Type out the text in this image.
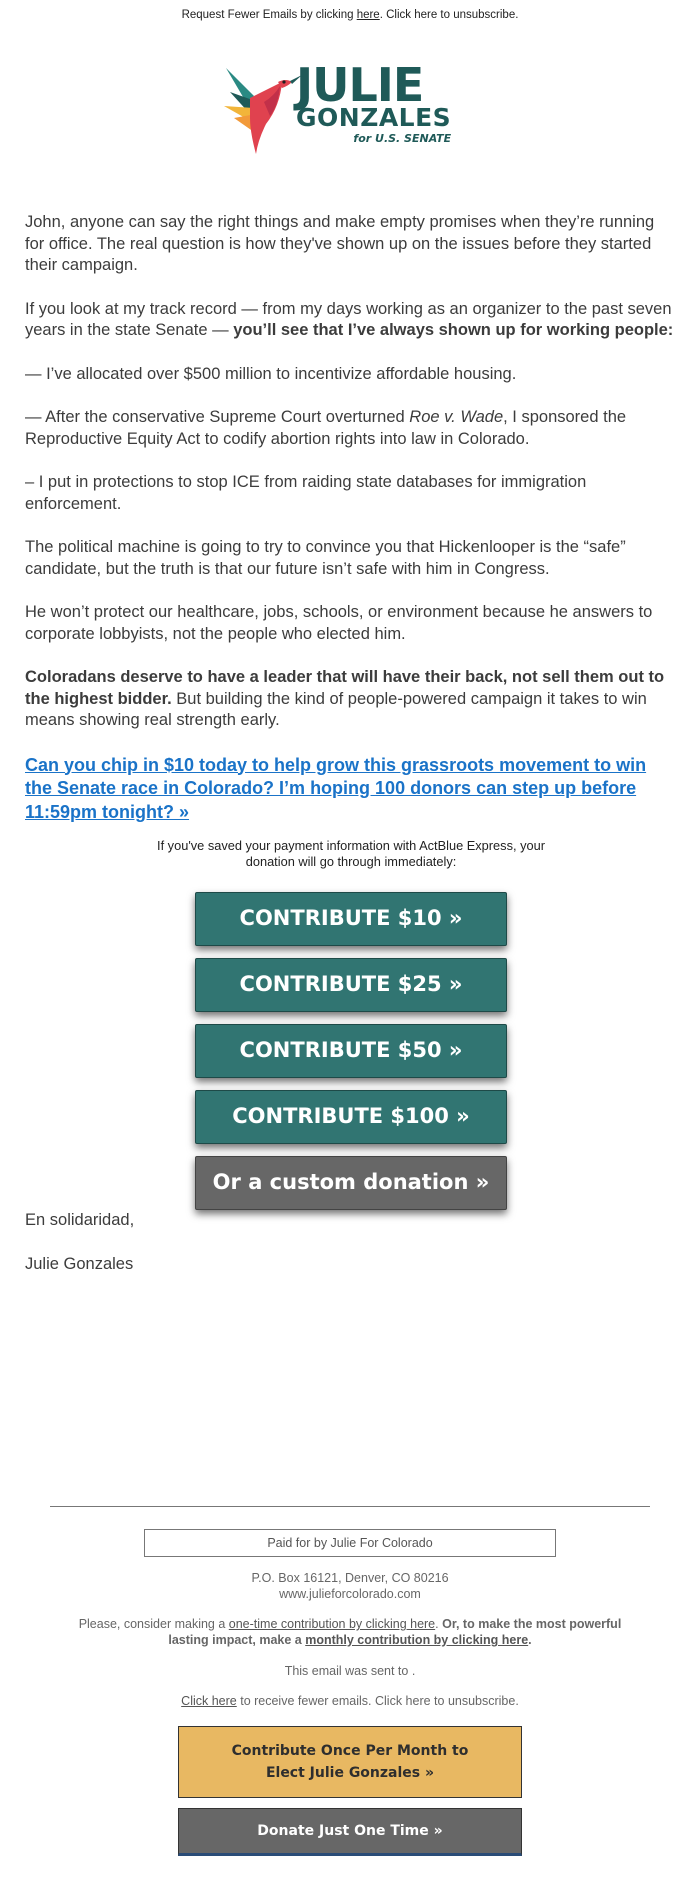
Request Fewer Emails by clicking here. Click here to unsubscribe.
JULIE
GONZALES
for U.S. SENATE

John, anyone can say the right things and make empty promises when they’re running for office. The real question is how they've shown up on the issues before they started their campaign.

If you look at my track record — from my days working as an organizer to the past seven years in the state Senate — you’ll see that I’ve always shown up for working people:

— I’ve allocated over $500 million to incentivize affordable housing.

— After the conservative Supreme Court overturned Roe v. Wade, I sponsored the Reproductive Equity Act to codify abortion rights into law in Colorado.

– I put in protections to stop ICE from raiding state databases for immigration enforcement.

The political machine is going to try to convince you that Hickenlooper is the “safe” candidate, but the truth is that our future isn’t safe with him in Congress.

He won’t protect our healthcare, jobs, schools, or environment because he answers to corporate lobbyists, not the people who elected him.

Coloradans deserve to have a leader that will have their back, not sell them out to the highest bidder. But building the kind of people-powered campaign it takes to win means showing real strength early.

Can you chip in $10 today to help grow this grassroots movement to win the Senate race in Colorado? I’m hoping 100 donors can step up before 11:59pm tonight? »

If you've saved your payment information with ActBlue Express, your donation will go through immediately:

CONTRIBUTE $10 »
CONTRIBUTE $25 »
CONTRIBUTE $50 »
CONTRIBUTE $100 »
Or a custom donation »

En solidaridad,

Julie Gonzales

Paid for by Julie For Colorado
P.O. Box 16121, Denver, CO 80216
www.julieforcolorado.com
Please, consider making a one-time contribution by clicking here. Or, to make the most powerful lasting impact, make a monthly contribution by clicking here.
This email was sent to .
Click here to receive fewer emails. Click here to unsubscribe.
Contribute Once Per Month to Elect Julie Gonzales »
Donate Just One Time »
